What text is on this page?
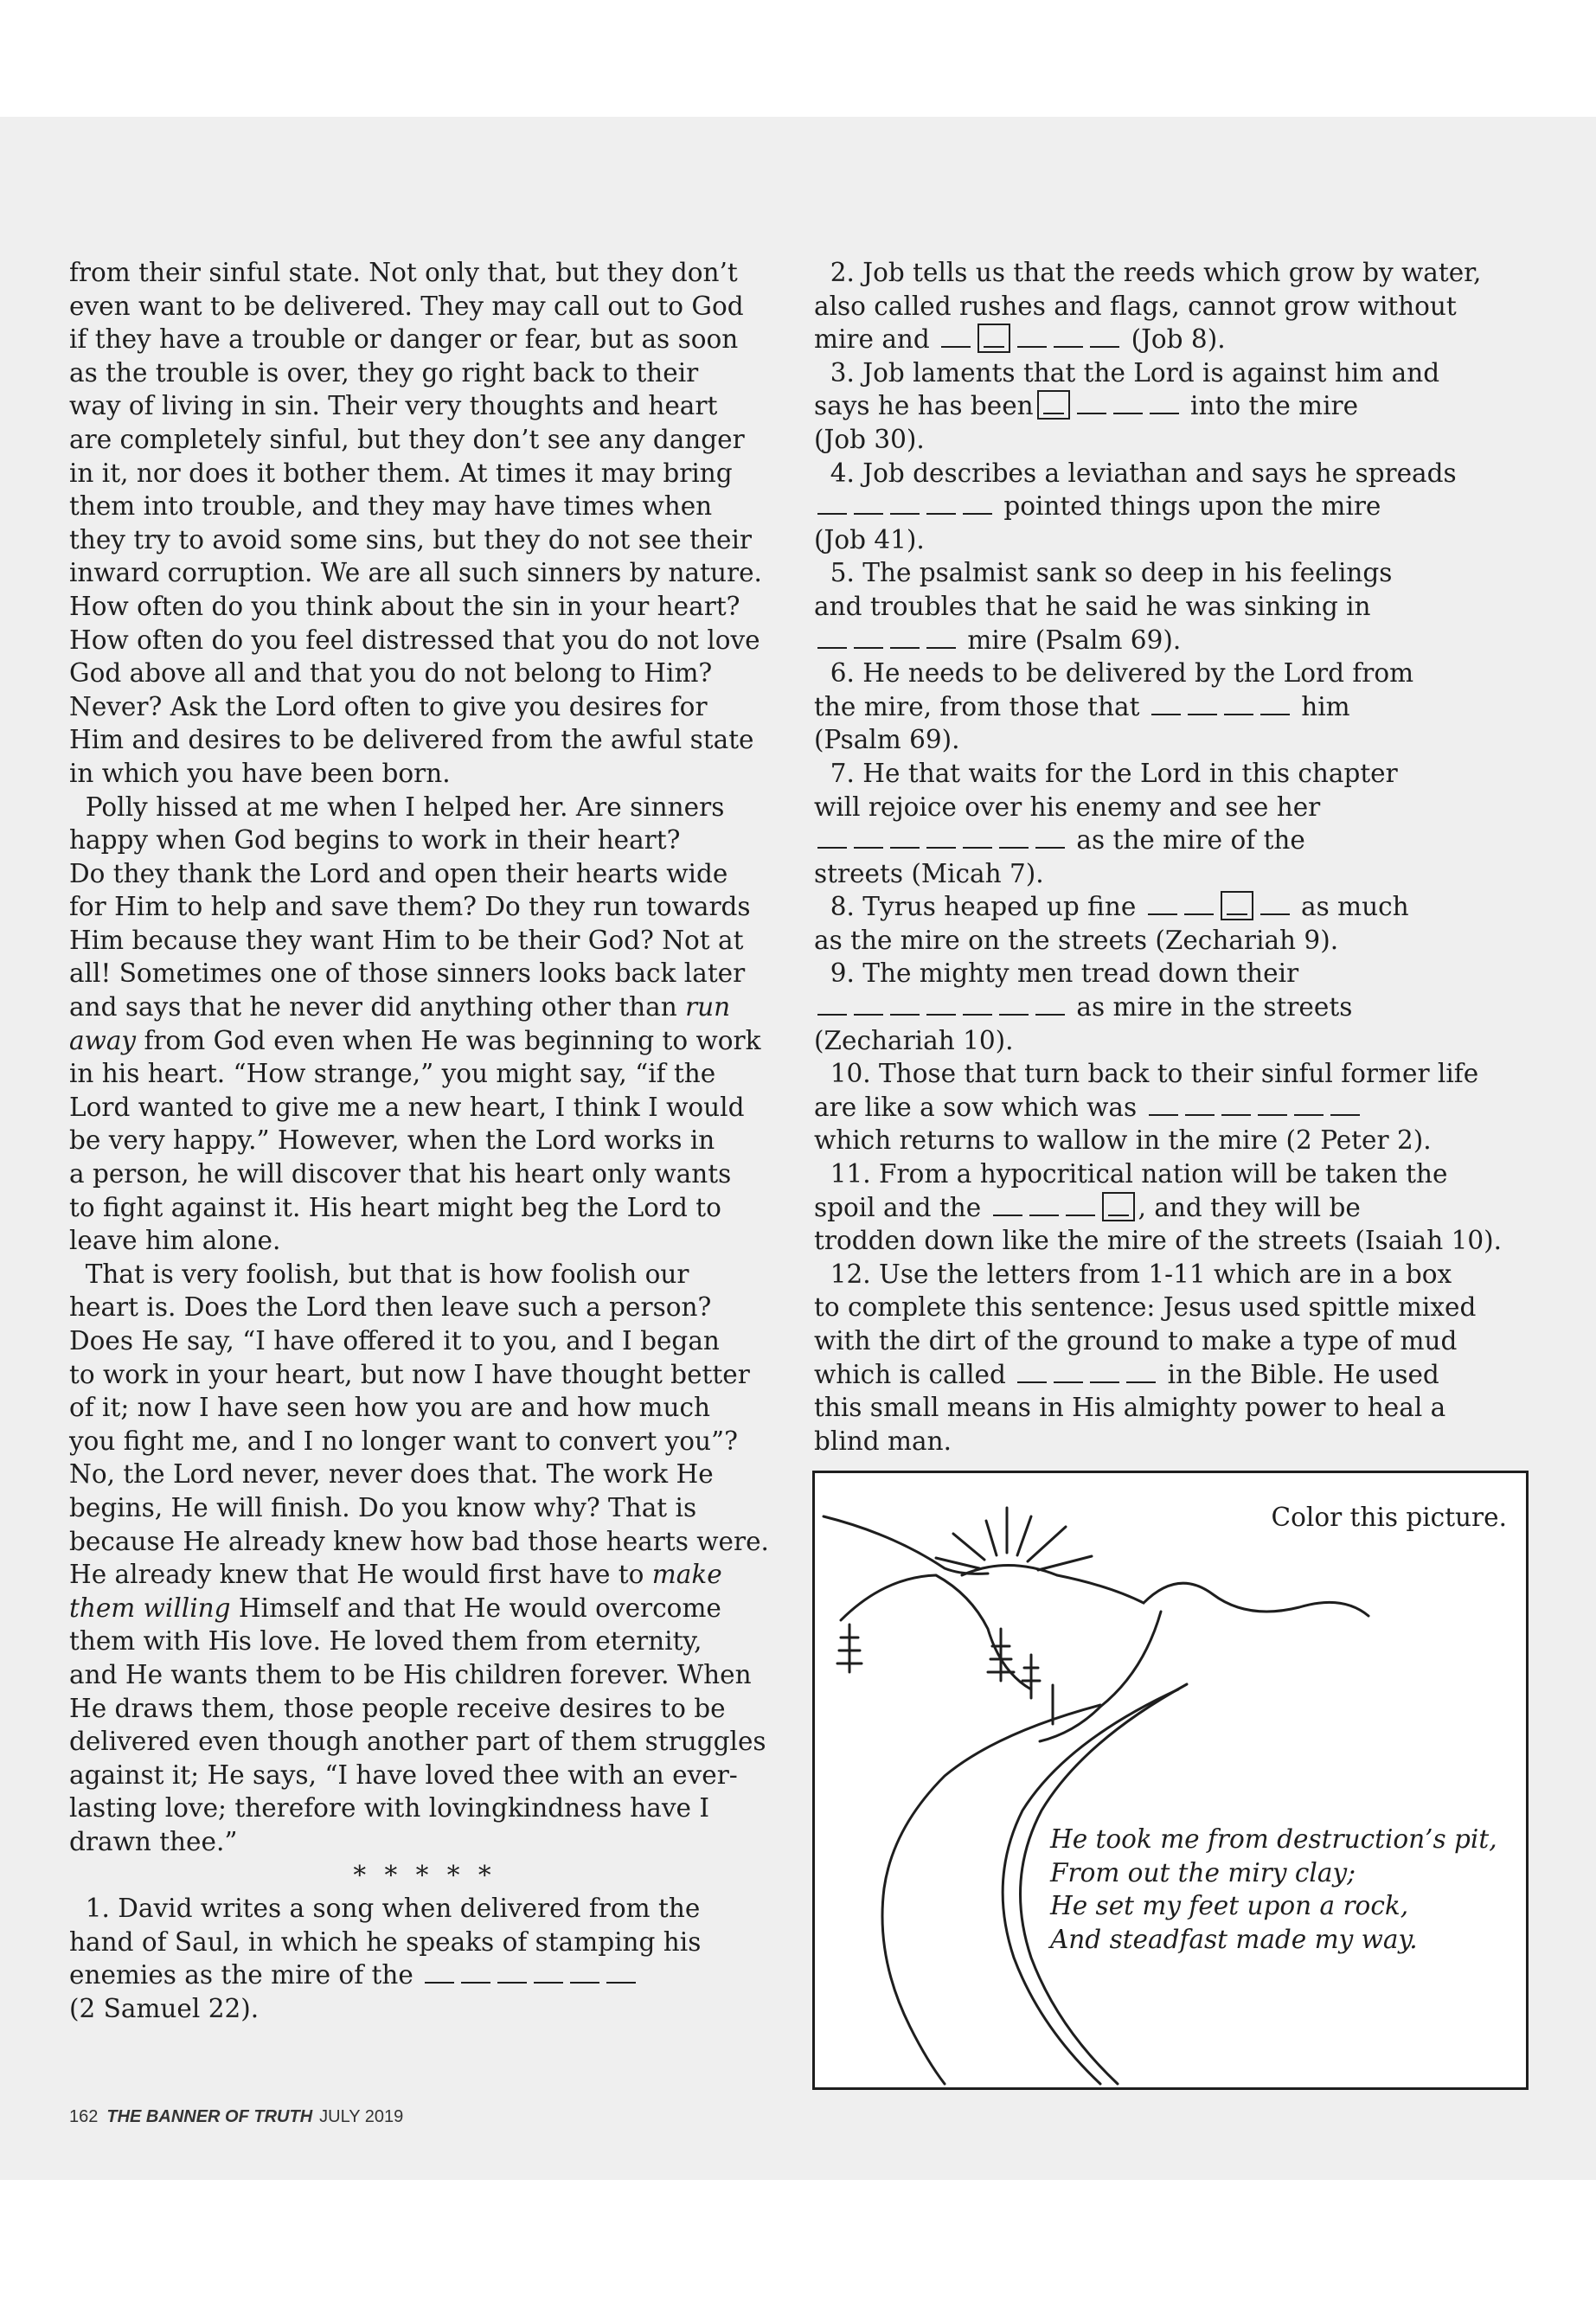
from their sinful state. Not only that, but they don’t
even want to be delivered. They may call out to God
if they have a trouble or danger or fear, but as soon
as the trouble is over, they go right back to their
way of living in sin. Their very thoughts and heart
are completely sinful, but they don’t see any danger
in it, nor does it bother them. At times it may bring
them into trouble, and they may have times when
they try to avoid some sins, but they do not see their
inward corruption. We are all such sinners by nature.
How often do you think about the sin in your heart?
How often do you feel distressed that you do not love
God above all and that you do not belong to Him?
Never? Ask the Lord often to give you desires for
Him and desires to be delivered from the awful state
in which you have been born.
Polly hissed at me when I helped her. Are sinners
happy when God begins to work in their heart?
Do they thank the Lord and open their hearts wide
for Him to help and save them? Do they run towards
Him because they want Him to be their God? Not at
all! Sometimes one of those sinners looks back later
and says that he never did anything other than run
away from God even when He was beginning to work
in his heart. “How strange,” you might say, “if the
Lord wanted to give me a new heart, I think I would
be very happy.” However, when the Lord works in
a person, he will discover that his heart only wants
to fight against it. His heart might beg the Lord to
leave him alone.
That is very foolish, but that is how foolish our
heart is. Does the Lord then leave such a person?
Does He say, “I have offered it to you, and I began
to work in your heart, but now I have thought better
of it; now I have seen how you are and how much
you fight me, and I no longer want to convert you”?
No, the Lord never, never does that. The work He
begins, He will finish. Do you know why? That is
because He already knew how bad those hearts were.
He already knew that He would first have to make
them willing Himself and that He would overcome
them with His love. He loved them from eternity,
and He wants them to be His children forever. When
He draws them, those people receive desires to be
delivered even though another part of them struggles
against it; He says, “I have loved thee with an ever-
lasting love; therefore with lovingkindness have I
drawn thee.”
* * * * *
1. David writes a song when delivered from the
hand of Saul, in which he speaks of stamping his
enemies as the mire of the
(2 Samuel 22).
2. Job tells us that the reeds which grow by water,
also called rushes and flags, cannot grow without
mire and	(Job 8).
3. Job laments that the Lord is against him and
says he has been	into the mire
(Job 30).
4. Job describes a leviathan and says he spreads
pointed things upon the mire
(Job 41).
5. The psalmist sank so deep in his feelings
and troubles that he said he was sinking in
mire (Psalm 69).
6. He needs to be delivered by the Lord from
the mire, from those that	him
(Psalm 69).
7. He that waits for the Lord in this chapter
will rejoice over his enemy and see her
as the mire of the
streets (Micah 7).
8. Tyrus heaped up fine	as much
as the mire on the streets (Zechariah 9).
9. The mighty men tread down their
as mire in the streets
(Zechariah 10).
10. Those that turn back to their sinful former life
are like a sow which was
which returns to wallow in the mire (2 Peter 2).
11. From a hypocritical nation will be taken the
spoil and the	, and they will be
trodden down like the mire of the streets (Isaiah 10).
12. Use the letters from 1-11 which are in a box
to complete this sentence: Jesus used spittle mixed
with the dirt of the ground to make a type of mud
which is called	in the Bible. He used
this small means in His almighty power to heal a
blind man.
Color this picture.
He took me from destruction’s pit,
From out the miry clay;
He set my feet upon a rock,
And steadfast made my way.
162 THE BANNER OF TRUTH JULY 2019
